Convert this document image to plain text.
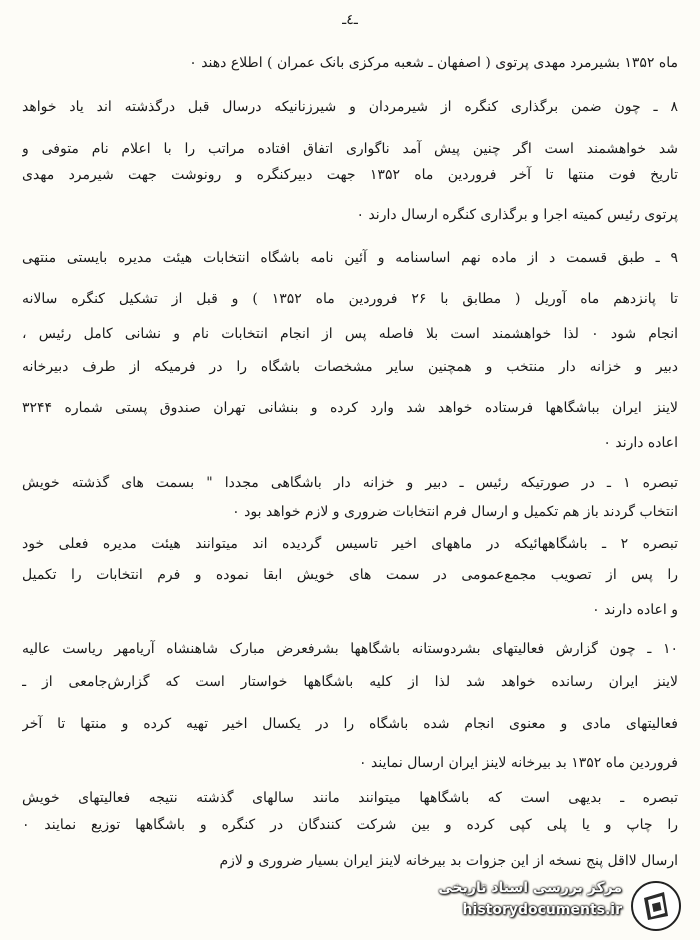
ـ٤ـ
ماه ۱۳۵۲ بشیرمرد مهدی پرتوی ( اصفهان ـ شعبه مرکزی بانک عمران ) اطلاع دهند ٠
۸ ـ چون ضمن برگذاری کنگره از شیرمردان و شیرزنانیکه درسال قبل درگذشته اند یاد خواهد
شد خواهشمند است اگر چنین پیش آمد ناگواری اتفاق افتاده مراتب را با اعلام نام متوفی و
تاریخ فوت منتها تا آخر فروردین ماه ۱۳۵۲ جهت دبیرکنگره و رونوشت جهت شیرمرد مهدی
پرتوی رئیس کمیته اجرا و برگذاری کنگره ارسال دارند ٠
۹ ـ طبق قسمت د از ماده نهم اساسنامه و آئین نامه باشگاه انتخابات هیئت مدیره بایستی منتهی
تا پانزدهم ماه آوریل ( مطابق با ۲۶ فروردین ماه ۱۳۵۲ ) و قبل از تشکیل کنگره سالانه
انجام شود ٠ لذا خواهشمند است بلا فاصله پس از انجام انتخابات نام و نشانی کامل رئیس ،
دبیر و خزانه دار منتخب و همچنین سایر مشخصات باشگاه را در فرمیکه از طرف دبیرخانه
لاینز ایران بباشگاهها فرستاده خواهد شد وارد کرده و بنشانی تهران صندوق پستی شماره ۳۲۴۴
اعاده دارند ٠
تبصره ۱ ـ در صورتیکه رئیس ـ دبیر و خزانه دار باشگاهی مجددا " بسمت های گذشته خویش
انتخاب گردند باز هم تکمیل و ارسال فرم انتخابات ضروری و لازم خواهد بود ٠
تبصره ۲ ـ باشگاههائیکه در ماههای اخیر تاسیس گردیده اند میتوانند هیئت مدیره فعلی خود
را پس از تصویب مجمع‌عمومی در سمت های خویش ابقا نموده و فرم انتخابات را تکمیل
و اعاده دارند ٠
۱۰ ـ چون گزارش فعالیتهای بشردوستانه باشگاهها بشرفعرض مبارک شاهنشاه آریامهر ریاست عالیه
لاینز ایران رسانده خواهد شد لذا از کلیه باشگاهها خواستار است که گزارش‌جامعی از ـ
فعالیتهای مادی و معنوی انجام شده باشگاه را در یکسال اخیر تهیه کرده و منتها تا آخر
فروردین ماه ۱۳۵۲ بد بیرخانه لاینز ایران ارسال نمایند ٠
تبصره ـ بدیهی است که باشگاهها میتوانند مانند سالهای گذشته نتیجه فعالیتهای خویش
را چاپ و یا پلی کپی کرده و بین شرکت کنندگان در کنگره و باشگاهها توزیع نمایند ٠
ارسال لااقل پنج نسخه از این جزوات بد بیرخانه لاینز ایران بسیار ضروری و لازم
مرکز بررسی اسناد تاریخی
historydocuments.ir
